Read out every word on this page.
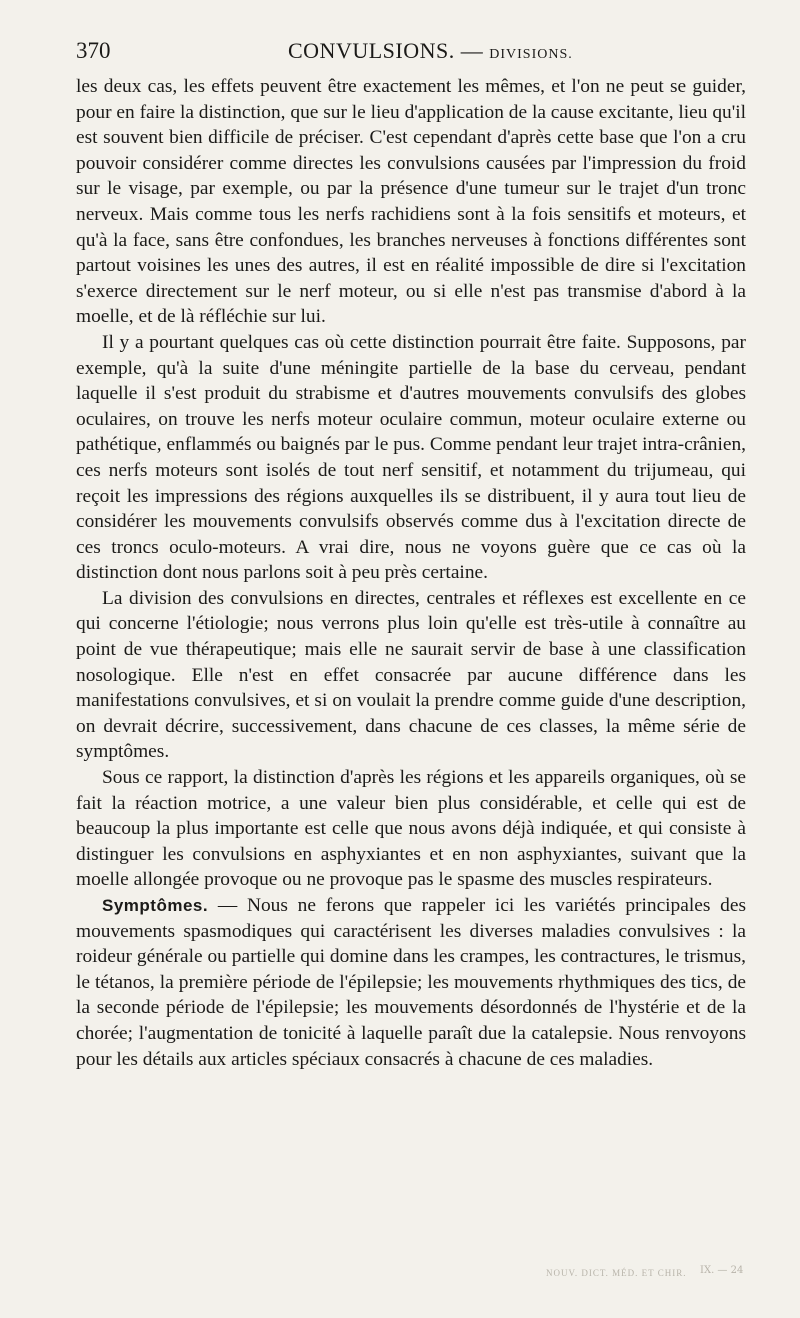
370	CONVULSIONS. — DIVISIONS.

les deux cas, les effets peuvent être exactement les mêmes, et l'on ne peut se guider, pour en faire la distinction, que sur le lieu d'application de la cause excitante, lieu qu'il est souvent bien difficile de préciser. C'est cependant d'après cette base que l'on a cru pouvoir considérer comme directes les convulsions causées par l'impression du froid sur le visage, par exemple, ou par la présence d'une tumeur sur le trajet d'un tronc nerveux. Mais comme tous les nerfs rachidiens sont à la fois sensitifs et moteurs, et qu'à la face, sans être confondues, les branches nerveuses à fonctions différentes sont partout voisines les unes des autres, il est en réalité impossible de dire si l'excitation s'exerce directement sur le nerf moteur, ou si elle n'est pas transmise d'abord à la moelle, et de là réfléchie sur lui.

Il y a pourtant quelques cas où cette distinction pourrait être faite. Supposons, par exemple, qu'à la suite d'une méningite partielle de la base du cerveau, pendant laquelle il s'est produit du strabisme et d'autres mouvements convulsifs des globes oculaires, on trouve les nerfs moteur oculaire commun, moteur oculaire externe ou pathétique, enflammés ou baignés par le pus. Comme pendant leur trajet intra-crânien, ces nerfs moteurs sont isolés de tout nerf sensitif, et notamment du trijumeau, qui reçoit les impressions des régions auxquelles ils se distribuent, il y aura tout lieu de considérer les mouvements convulsifs observés comme dus à l'excitation directe de ces troncs oculo-moteurs. A vrai dire, nous ne voyons guère que ce cas où la distinction dont nous parlons soit à peu près certaine.

La division des convulsions en directes, centrales et réflexes est excellente en ce qui concerne l'étiologie; nous verrons plus loin qu'elle est très-utile à connaître au point de vue thérapeutique; mais elle ne saurait servir de base à une classification nosologique. Elle n'est en effet consacrée par aucune différence dans les manifestations convulsives, et si on voulait la prendre comme guide d'une description, on devrait décrire, successivement, dans chacune de ces classes, la même série de symptômes.

Sous ce rapport, la distinction d'après les régions et les appareils organiques, où se fait la réaction motrice, a une valeur bien plus considérable, et celle qui est de beaucoup la plus importante est celle que nous avons déjà indiquée, et qui consiste à distinguer les convulsions en asphyxiantes et en non asphyxiantes, suivant que la moelle allongée provoque ou ne provoque pas le spasme des muscles respirateurs.

Symptômes. — Nous ne ferons que rappeler ici les variétés principales des mouvements spasmodiques qui caractérisent les diverses maladies convulsives : la roideur générale ou partielle qui domine dans les crampes, les contractures, le trismus, le tétanos, la première période de l'épilepsie; les mouvements rhythmiques des tics, de la seconde période de l'épilepsie; les mouvements désordonnés de l'hystérie et de la chorée; l'augmentation de tonicité à laquelle paraît due la catalepsie. Nous renvoyons pour les détails aux articles spéciaux consacrés à chacune de ces maladies.

NOUV. DICT. MÉD. ET CHIR. IX. — 24
